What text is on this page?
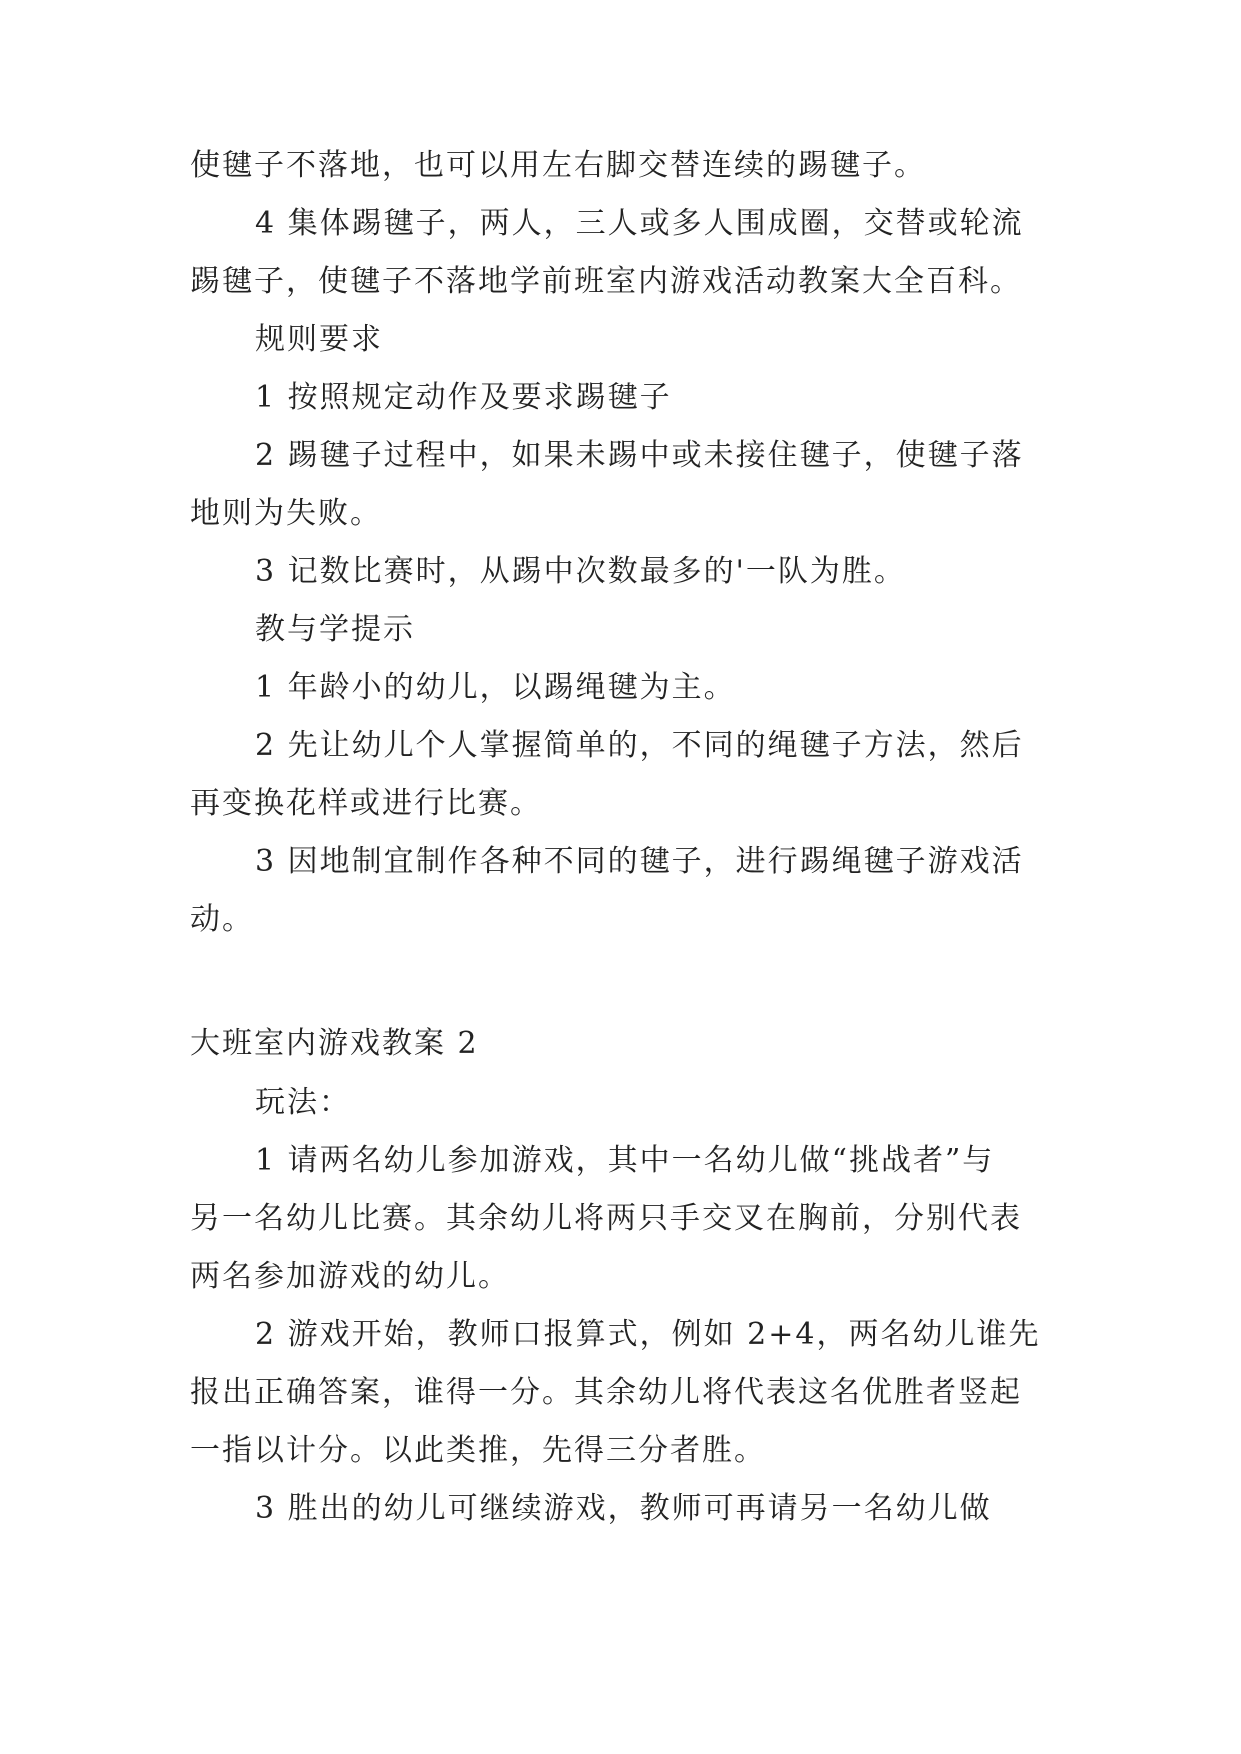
使毽子不落地，也可以用左右脚交替连续的踢毽子。
4 集体踢毽子，两人，三人或多人围成圈，交替或轮流
踢毽子，使毽子不落地学前班室内游戏活动教案大全百科。
规则要求
1 按照规定动作及要求踢毽子
2 踢毽子过程中，如果未踢中或未接住毽子，使毽子落
地则为失败。
3 记数比赛时，从踢中次数最多的'一队为胜。
教与学提示
1 年龄小的幼儿，以踢绳毽为主。
2 先让幼儿个人掌握简单的，不同的绳毽子方法，然后
再变换花样或进行比赛。
3 因地制宜制作各种不同的毽子，进行踢绳毽子游戏活
动。
大班室内游戏教案 2
玩法：
1 请两名幼儿参加游戏，其中一名幼儿做“挑战者”与
另一名幼儿比赛。其余幼儿将两只手交叉在胸前，分别代表
两名参加游戏的幼儿。
2 游戏开始，教师口报算式，例如 2+4，两名幼儿谁先
报出正确答案，谁得一分。其余幼儿将代表这名优胜者竖起
一指以计分。以此类推，先得三分者胜。
3 胜出的幼儿可继续游戏，教师可再请另一名幼儿做
